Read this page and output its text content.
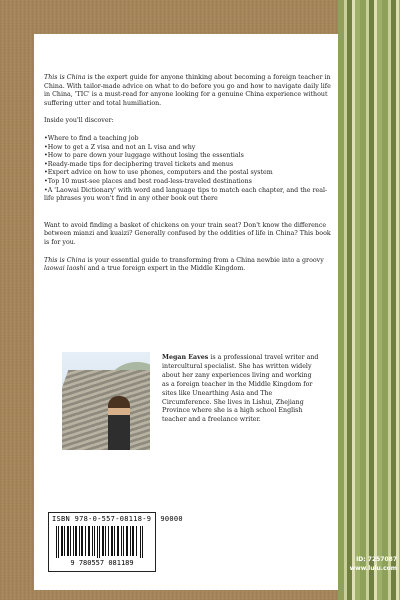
This is China is the expert guide for anyone thinking about becoming a foreign teacher in China. With tailor-made advice on what to do before you go and how to navigate daily life in China, 'TIC' is a must-read for anyone looking for a genuine China experience without suffering utter and total humiliation.

Inside you'll discover:

•Where to find a teaching job
•How to get a Z visa and not an L visa and why
•How to pare down your luggage without losing the essentials
•Ready-made tips for deciphering travel tickets and menus
•Expert advice on how to use phones, computers and the postal system
•Top 10 must-see places and best road-less-traveled destinations
•A 'Laowai Dictionary' with word and language tips to match each chapter, and the real-life phrases you won't find in any other book out there

Want to avoid finding a basket of chickens on your train seat? Don't know the difference between mianzi and kuaizi? Generally confused by the oddities of life in China? This book is for you.

This is China is your essential guide to transforming from a China newbie into a groovy laowai laoshi and a true foreign expert in the Middle Kingdom.

Megan Eaves is a professional travel writer and intercultural specialist. She has written widely about her zany experiences living and working as a foreign teacher in the Middle Kingdom for sites like Unearthing Asia and The Circumference. She lives in Lishui, Zhejiang Province where she is a high school English teacher and a freelance writer.
ISBN 978-0-557-08118-9 90000
9 780557 081189	ID: 7257087
www.lulu.com
